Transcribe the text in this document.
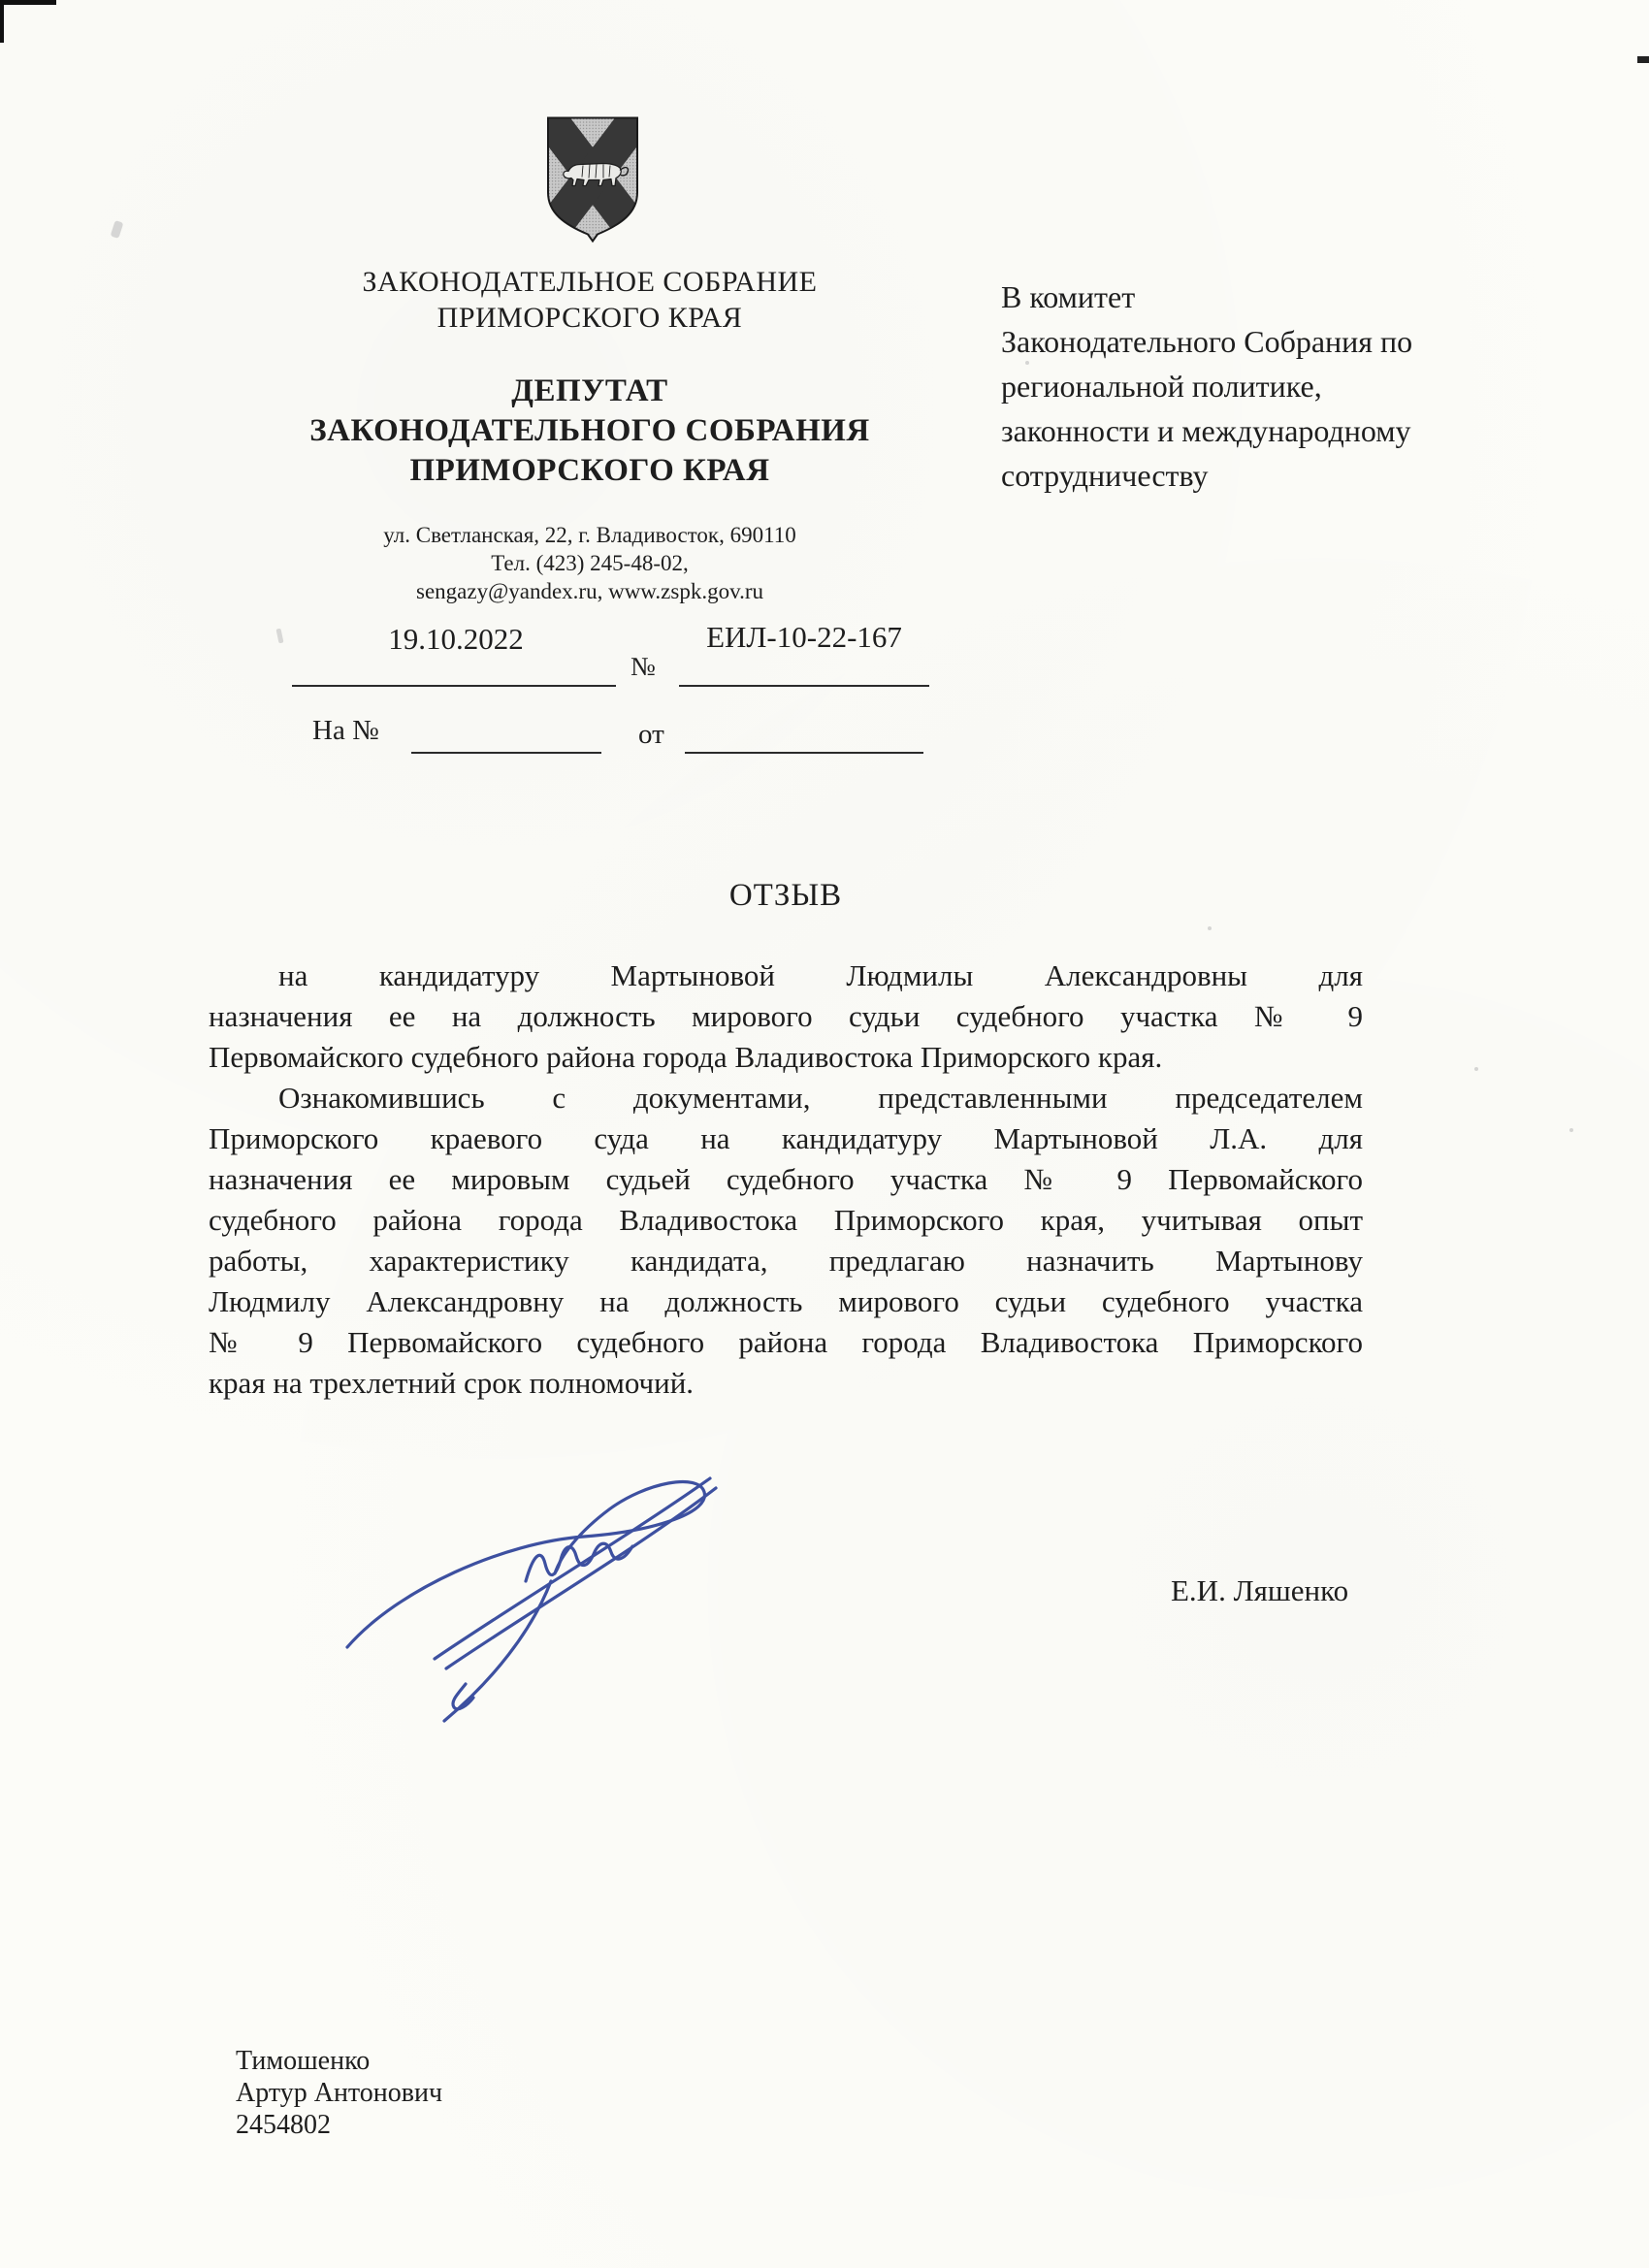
ЗАКОНОДАТЕЛЬНОЕ СОБРАНИЕ
ПРИМОРСКОГО КРАЯ
ДЕПУТАТ
ЗАКОНОДАТЕЛЬНОГО СОБРАНИЯ
ПРИМОРСКОГО КРАЯ
ул. Светланская, 22, г. Владивосток, 690110
Тел. (423) 245-48-02,
sengazy@yandex.ru, www.zspk.gov.ru
19.10.2022	ЕИЛ-10-22-167
№
На №	от
В комитет
Законодательного Собрания по
региональной политике,
законности и международному
сотрудничеству
ОТЗЫВ
на кандидатуру Мартыновой Людмилы Александровны для
назначения ее на должность мирового судьи судебного участка № 9
Первомайского судебного района города Владивостока Приморского края.
Ознакомившись с документами, представленными председателем
Приморского краевого суда на кандидатуру Мартыновой Л.А. для
назначения ее мировым судьей судебного участка № 9 Первомайского
судебного района города Владивостока Приморского края, учитывая опыт
работы, характеристику кандидата, предлагаю назначить Мартынову
Людмилу Александровну на должность мирового судьи судебного участка
№ 9 Первомайского судебного района города Владивостока Приморского
края на трехлетний срок полномочий.
Е.И. Ляшенко
Тимошенко
Артур Антонович
2454802
